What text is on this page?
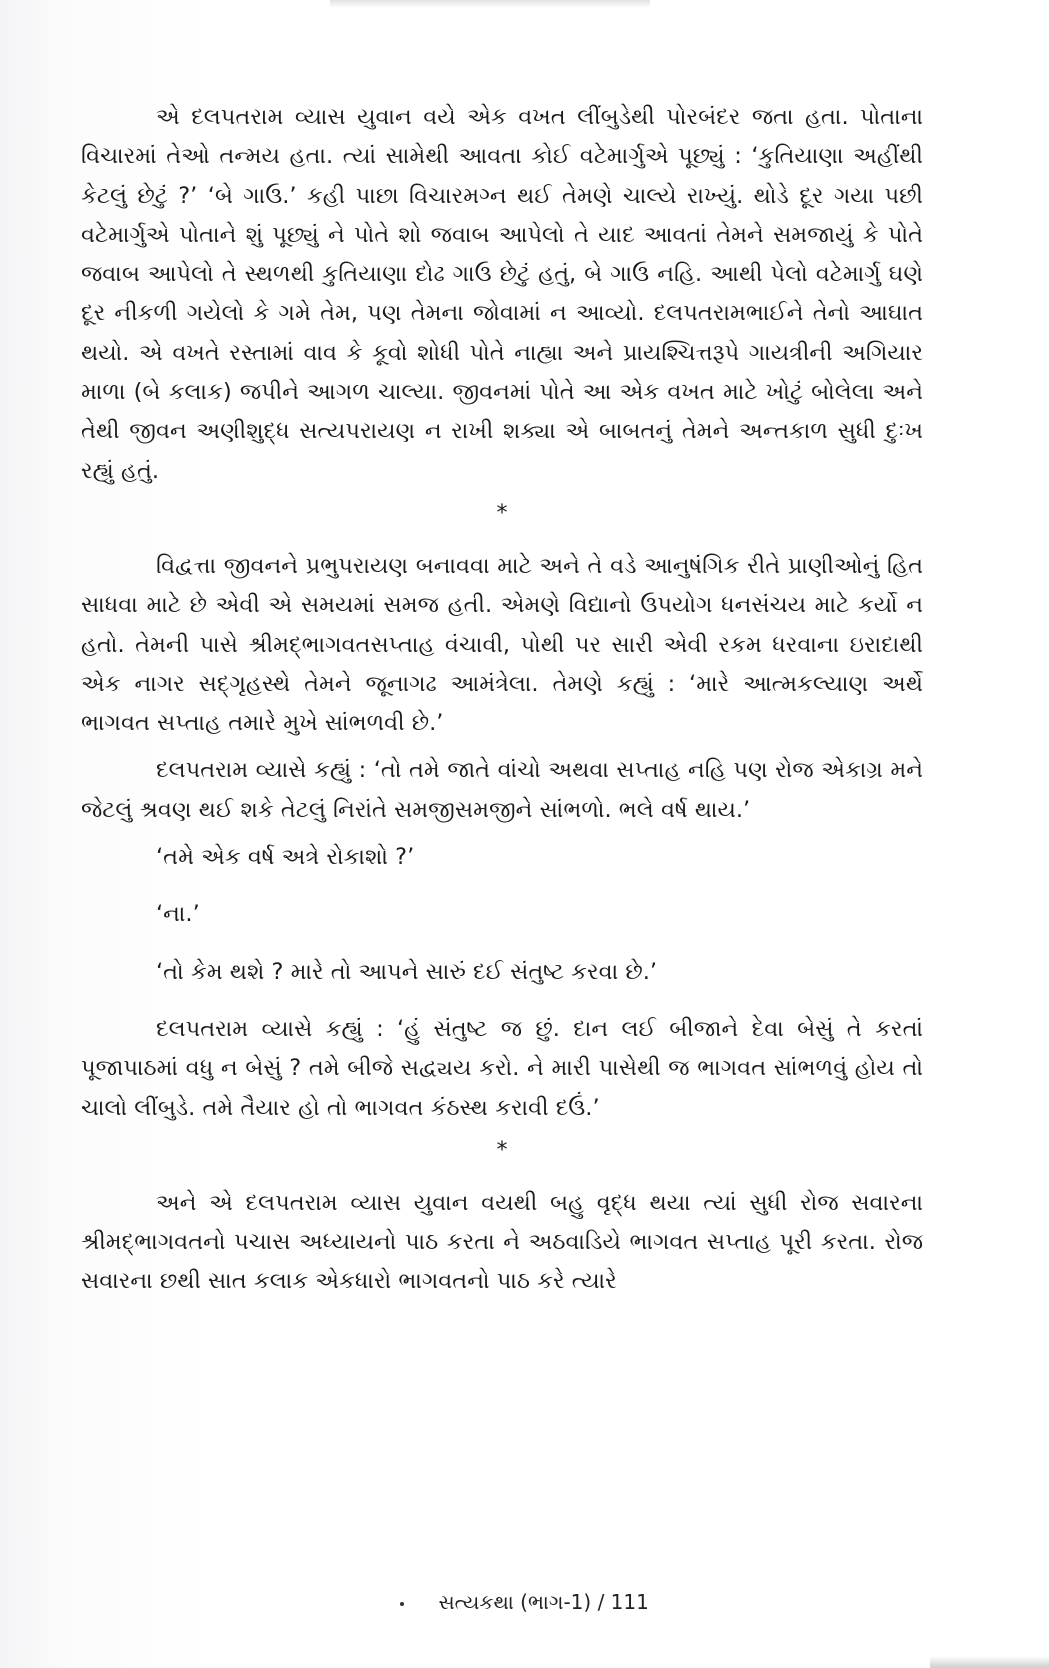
એ દલપતરામ વ્યાસ યુવાન વયે એક વખત લીંબુડેથી પોરબંદર જતા હતા. પોતાના વિચારમાં તેઓ તન્મય હતા. ત્યાં સામેથી આવતા કોઈ વટેમાર્ગુએ પૂછ્યું : ‘કુતિયાણા અહીંથી કેટલું છેટું ?’ ‘બે ગાઉ.’ કહી પાછા વિચારમગ્ન થઈ તેમણે ચાલ્યે રાખ્યું. થોડે દૂર ગયા પછી વટેમાર્ગુએ પોતાને શું પૂછ્યું ને પોતે શો જવાબ આપેલો તે યાદ આવતાં તેમને સમજાયું કે પોતે જવાબ આપેલો તે સ્થળથી કુતિયાણા દોઢ ગાઉ છેટું હતું, બે ગાઉ નહિ. આથી પેલો વટેમાર્ગુ ઘણે દૂર નીકળી ગયેલો કે ગમે તેમ, પણ તેમના જોવામાં ન આવ્યો. દલપતરામભાઈને તેનો આઘાત થયો. એ વખતે રસ્તામાં વાવ કે કૂવો શોધી પોતે નાહ્યા અને પ્રાયશ્ચિત્તરૂપે ગાયત્રીની અગિયાર માળા (બે કલાક) જપીને આગળ ચાલ્યા. જીવનમાં પોતે આ એક વખત માટે ખોટું બોલેલા અને તેથી જીવન અણીશુદ્ધ સત્યપરાયણ ન રાખી શક્યા એ બાબતનું તેમને અન્તકાળ સુધી દુઃખ રહ્યું હતું.

*

વિદ્વત્તા જીવનને પ્રભુપરાયણ બનાવવા માટે અને તે વડે આનુષંગિક રીતે પ્રાણીઓનું હિત સાધવા માટે છે એવી એ સમયમાં સમજ હતી. એમણે વિદ્યાનો ઉપયોગ ધનસંચય માટે કર્યો ન હતો. તેમની પાસે શ્રીમદ્ભાગવતસપ્તાહ વંચાવી, પોથી પર સારી એવી રકમ ધરવાના ઇરાદાથી એક નાગર સદ્‌ગૃહસ્થે તેમને જૂનાગઢ આમંત્રેલા. તેમણે કહ્યું : ‘મારે આત્મકલ્યાણ અર્થે ભાગવત સપ્તાહ તમારે મુખે સાંભળવી છે.’

દલપતરામ વ્યાસે કહ્યું : ‘તો તમે જાતે વાંચો અથવા સપ્તાહ નહિ પણ રોજ એકાગ્ર મને જેટલું શ્રવણ થઈ શકે તેટલું નિરાંતે સમજીસમજીને સાંભળો. ભલે વર્ષ થાય.’

‘તમે એક વર્ષ અત્રે રોકાશો ?’

‘ના.’

‘તો કેમ થશે ? મારે તો આપને સારું દઈ સંતુષ્ટ કરવા છે.’

દલપતરામ વ્યાસે કહ્યું : ‘હું સંતુષ્ટ જ છું. દાન લઈ બીજાને દેવા બેસું તે કરતાં પૂજાપાઠમાં વધુ ન બેસું ? તમે બીજે સદ્વ્યય કરો. ને મારી પાસેથી જ ભાગવત સાંભળવું હોય તો ચાલો લીંબુડે. તમે તૈયાર હો તો ભાગવત કંઠસ્થ કરાવી દઉં.’

*

અને એ દલપતરામ વ્યાસ યુવાન વયથી બહુ વૃદ્ધ થયા ત્યાં સુધી રોજ સવારના શ્રીમદ્ભાગવતનો પચાસ અધ્યાયનો પાઠ કરતા ને અઠવાડિયે ભાગવત સપ્તાહ પૂરી કરતા. રોજ સવારના છથી સાત કલાક એકધારો ભાગવતનો પાઠ કરે ત્યારે

સત્યકથા (ભાગ-1) / 111
